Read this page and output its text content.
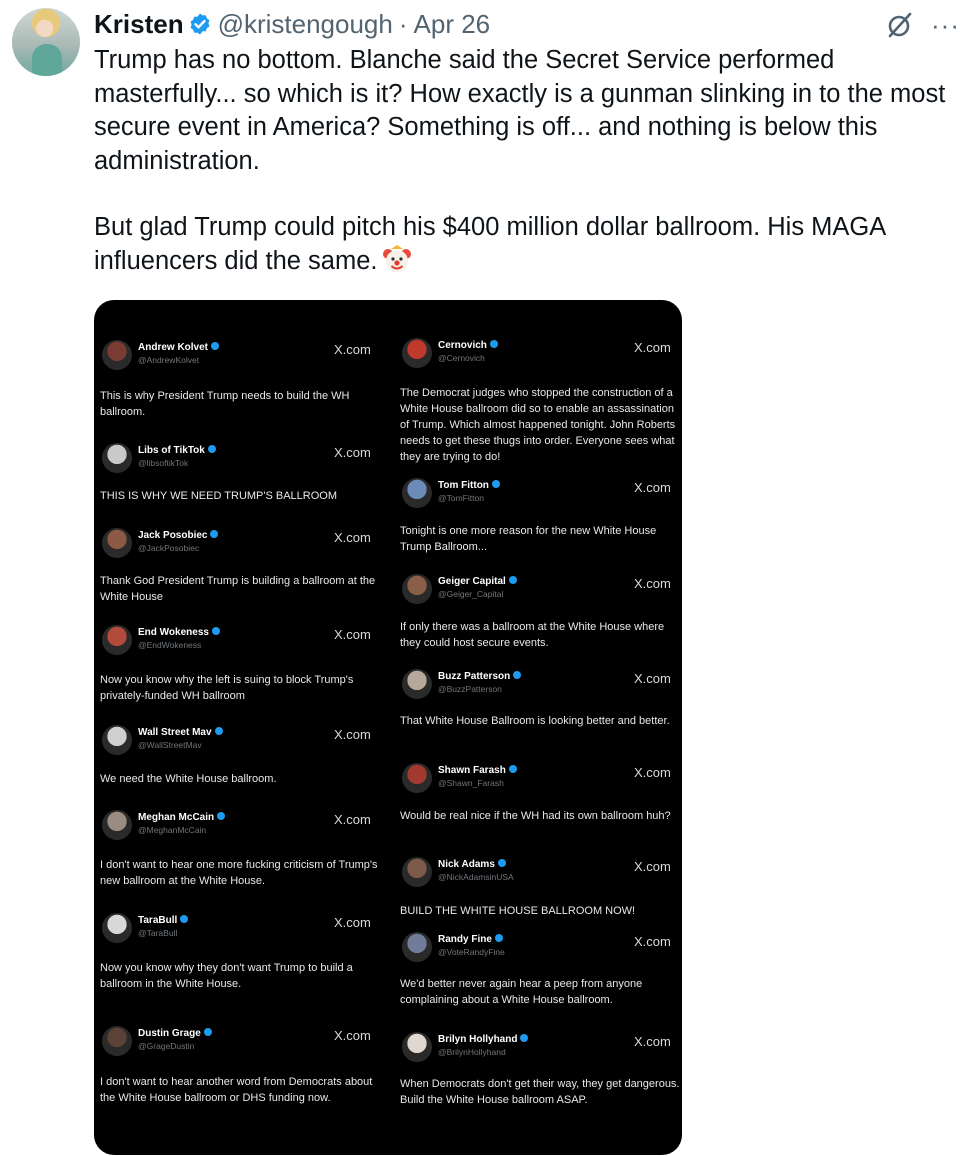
Kristen @kristengough · Apr 26	···

Trump has no bottom. Blanche said the Secret Service performed masterfully... so which is it? How exactly is a gunman slinking in to the most secure event in America? Something is off... and nothing is below this administration.

But glad Trump could pitch his $400 million dollar ballroom. His MAGA influencers did the same.

Andrew Kolvet
@AndrewKolvet
X.com
This is why President Trump needs to build the WH ballroom.
Libs of TikTok
@libsoftikTok
X.com
THIS IS WHY WE NEED TRUMP'S BALLROOM
Jack Posobiec
@JackPosobiec
X.com
Thank God President Trump is building a ballroom at the White House
End Wokeness
@EndWokeness
X.com
Now you know why the left is suing to block Trump's privately-funded WH ballroom
Wall Street Mav
@WallStreetMav
X.com
We need the White House ballroom.
Meghan McCain
@MeghanMcCain
X.com
I don't want to hear one more fucking criticism of Trump's new ballroom at the White House.
TaraBull
@TaraBull
X.com
Now you know why they don't want Trump to build a ballroom in the White House.
Dustin Grage
@GrageDustin
X.com
I don't want to hear another word from Democrats about the White House ballroom or DHS funding now.
Cernovich
@Cernovich
X.com
The Democrat judges who stopped the construction of a White House ballroom did so to enable an assassination of Trump. Which almost happened tonight. John Roberts needs to get these thugs into order. Everyone sees what they are trying to do!
Tom Fitton
@TomFitton
X.com
Tonight is one more reason for the new White House Trump Ballroom...
Geiger Capital
@Geiger_Capital
X.com
If only there was a ballroom at the White House where they could host secure events.
Buzz Patterson
@BuzzPatterson
X.com
That White House Ballroom is looking better and better.
Shawn Farash
@Shawn_Farash
X.com
Would be real nice if the WH had its own ballroom huh?
Nick Adams
@NickAdamsinUSA
X.com
BUILD THE WHITE HOUSE BALLROOM NOW!
Randy Fine
@VoteRandyFine
X.com
We'd better never again hear a peep from anyone complaining about a White House ballroom.
Brilyn Hollyhand
@BrilynHollyhand
X.com
When Democrats don't get their way, they get dangerous. Build the White House ballroom ASAP.
